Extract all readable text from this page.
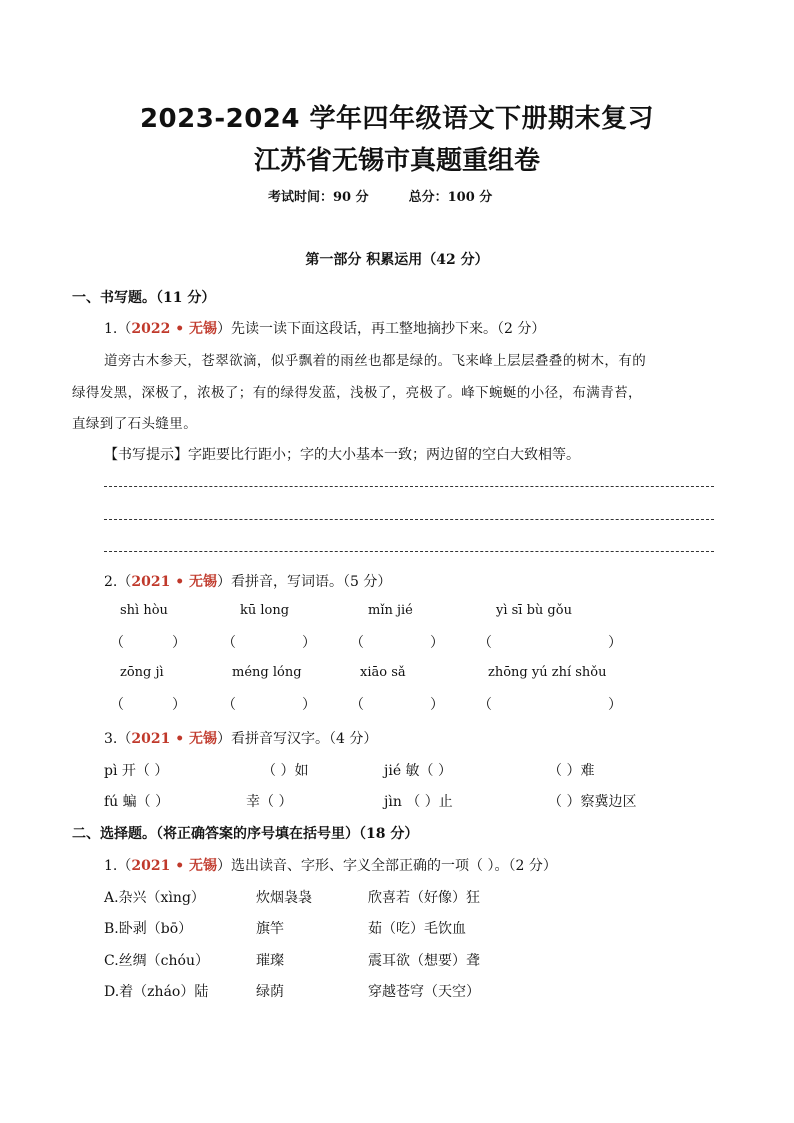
2023-2024 学年四年级语文下册期末复习
江苏省无锡市真题重组卷
考试时间：90 分	总分：100 分
第一部分 积累运用（42 分）
一、书写题。（11 分）
1.（2022 • 无锡）先读一读下面这段话，再工整地摘抄下来。（2 分）
道旁古木参天，苍翠欲滴，似乎飘着的雨丝也都是绿的。飞来峰上层层叠叠的树木，有的
绿得发黑，深极了，浓极了；有的绿得发蓝，浅极了，亮极了。峰下蜿蜒的小径，布满青苔，
直绿到了石头缝里。
【书写提示】字距要比行距小；字的大小基本一致；两边留的空白大致相等。
2.（2021 • 无锡）看拼音，写词语。（5 分）
shì hòu	kū long	mǐn jié	yì sī bù gǒu
（	）	（	） （	） （	）
zōng jì	méng lóng	xiāo sǎ	zhōng yú zhí shǒu
（	）	（	） （	） （	）
3.（2021 • 无锡）看拼音写汉字。（4 分）
pì 开（ ）	（ ）如	jié 敏（ ）	（ ）难
fú 蝙（ ）	幸（ ）	jìn （ ）止	（ ）察冀边区
二、选择题。（将正确答案的序号填在括号里）（18 分）
1.（2021 • 无锡）选出读音、字形、字义全部正确的一项（ ）。（2 分）
A.杂兴（xìng）	炊烟袅袅	欣喜若（好像）狂
B.卧剥（bō）	旗竿	茹（吃）毛饮血
C.丝绸（chóu）	璀璨	震耳欲（想要）聋
D.着（zháo）陆	绿荫	穿越苍穹（天空）
